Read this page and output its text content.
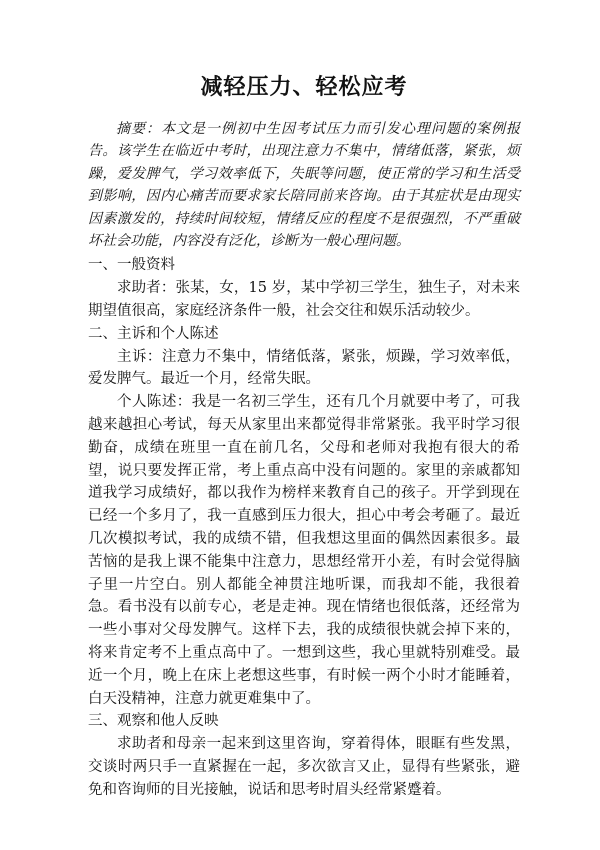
减轻压力、轻松应考

摘要：本文是一例初中生因考试压力而引发心理问题的案例报告。该学生在临近中考时，出现注意力不集中，情绪低落，紧张，烦躁，爱发脾气，学习效率低下，失眠等问题，使正常的学习和生活受到影响，因内心痛苦而要求家长陪同前来咨询。由于其症状是由现实因素激发的，持续时间较短，情绪反应的程度不是很强烈，不严重破坏社会功能，内容没有泛化，诊断为一般心理问题。

一、一般资料

求助者：张某，女，15 岁，某中学初三学生，独生子，对未来期望值很高，家庭经济条件一般，社会交往和娱乐活动较少。

二、主诉和个人陈述

主诉：注意力不集中，情绪低落，紧张，烦躁，学习效率低，爱发脾气。最近一个月，经常失眠。

个人陈述：我是一名初三学生，还有几个月就要中考了，可我越来越担心考试，每天从家里出来都觉得非常紧张。我平时学习很勤奋，成绩在班里一直在前几名，父母和老师对我抱有很大的希望，说只要发挥正常，考上重点高中没有问题的。家里的亲戚都知道我学习成绩好，都以我作为榜样来教育自己的孩子。开学到现在已经一个多月了，我一直感到压力很大，担心中考会考砸了。最近几次模拟考试，我的成绩不错，但我想这里面的偶然因素很多。最苦恼的是我上课不能集中注意力，思想经常开小差，有时会觉得脑子里一片空白。别人都能全神贯注地听课，而我却不能，我很着急。看书没有以前专心，老是走神。现在情绪也很低落，还经常为一些小事对父母发脾气。这样下去，我的成绩很快就会掉下来的，将来肯定考不上重点高中了。一想到这些，我心里就特别难受。最近一个月，晚上在床上老想这些事，有时候一两个小时才能睡着，白天没精神，注意力就更难集中了。

三、观察和他人反映

求助者和母亲一起来到这里咨询，穿着得体，眼眶有些发黑，交谈时两只手一直紧握在一起，多次欲言又止，显得有些紧张，避免和咨询师的目光接触，说话和思考时眉头经常紧蹙着。
